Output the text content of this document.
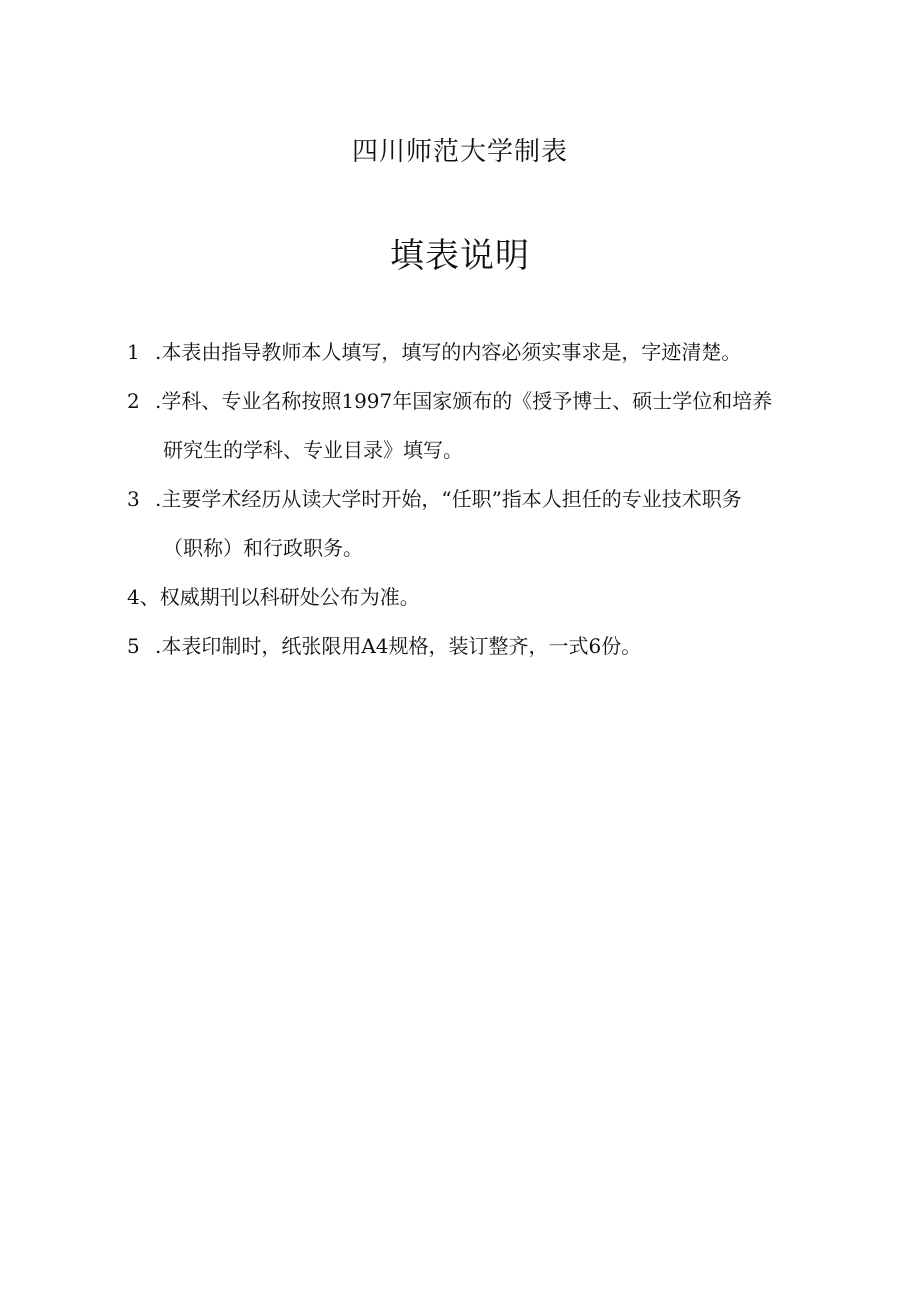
四川师范大学制表
填表说明
1 .本表由指导教师本人填写，填写的内容必须实事求是，字迹清楚。
2 .学科、专业名称按照1997年国家颁布的《授予博士、硕士学位和培养
研究生的学科、专业目录》填写。
3 .主要学术经历从读大学时开始，“任职”指本人担任的专业技术职务
（职称）和行政职务。
4、权威期刊以科研处公布为准。
5 .本表印制时，纸张限用A4规格，装订整齐，一式6份。
